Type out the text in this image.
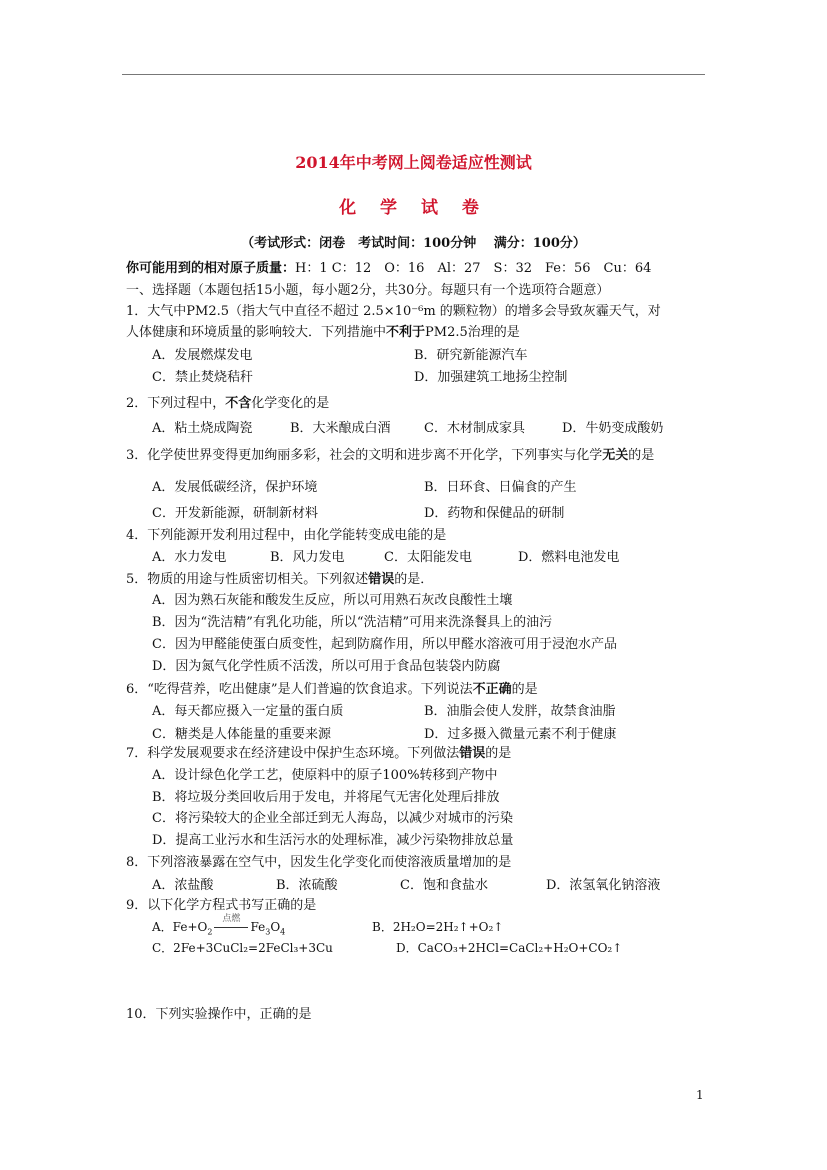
2014年中考网上阅卷适应性测试
化 学 试 卷
（考试形式：闭卷　考试时间：100分钟　 满分：100分）
你可能用到的相对原子质量：H：1 C：12　O：16　Al：27　S：32　Fe：56　Cu：64
一、选择题（本题包括15小题，每小题2分，共30分。每题只有一个选项符合题意）
1．大气中PM2.5（指大气中直径不超过 2.5×10⁻⁶m 的颗粒物）的增多会导致灰霾天气，对
人体健康和环境质量的影响较大．下列措施中不利于PM2.5治理的是
A．发展燃煤发电	B．研究新能源汽车
C．禁止焚烧秸秆	D．加强建筑工地扬尘控制
2．下列过程中，不含化学变化的是
A．粘土烧成陶瓷	B．大米酿成白酒	C．木材制成家具	D．牛奶变成酸奶
3．化学使世界变得更加绚丽多彩，社会的文明和进步离不开化学，下列事实与化学无关的是
A．发展低碳经济，保护环境	B．日环食、日偏食的产生
C．开发新能源，研制新材料	D．药物和保健品的研制
4．下列能源开发利用过程中，由化学能转变成电能的是
A．水力发电	B．风力发电	C．太阳能发电	D．燃料电池发电
5．物质的用途与性质密切相关。下列叙述错误的是．
A．因为熟石灰能和酸发生反应，所以可用熟石灰改良酸性土壤
B．因为“洗洁精”有乳化功能，所以“洗洁精”可用来洗涤餐具上的油污
C．因为甲醛能使蛋白质变性，起到防腐作用，所以甲醛水溶液可用于浸泡水产品
D．因为氮气化学性质不活泼，所以可用于食品包装袋内防腐
6．“吃得营养，吃出健康”是人们普遍的饮食追求。下列说法不正确的是
A．每天都应摄入一定量的蛋白质	B．油脂会使人发胖，故禁食油脂
C．糖类是人体能量的重要来源	D．过多摄入微量元素不利于健康
7．科学发展观要求在经济建设中保护生态环境。下列做法错误的是
A．设计绿色化学工艺，使原料中的原子100%转移到产物中
B．将垃圾分类回收后用于发电，并将尾气无害化处理后排放
C．将污染较大的企业全部迁到无人海岛，以减少对城市的污染
D．提高工业污水和生活污水的处理标准，减少污染物排放总量
8．下列溶液暴露在空气中，因发生化学变化而使溶液质量增加的是
A．浓盐酸	B．浓硫酸	C．饱和食盐水	D．浓氢氧化钠溶液
9．以下化学方程式书写正确的是
A．$Fe+O_2$
点燃
$Fe_3O_4$	B．2H₂O=2H₂↑+O₂↑
C．2Fe+3CuCl₂=2FeCl₃+3Cu	D．CaCO₃+2HCl=CaCl₂+H₂O+CO₂↑
10．下列实验操作中，正确的是
1
